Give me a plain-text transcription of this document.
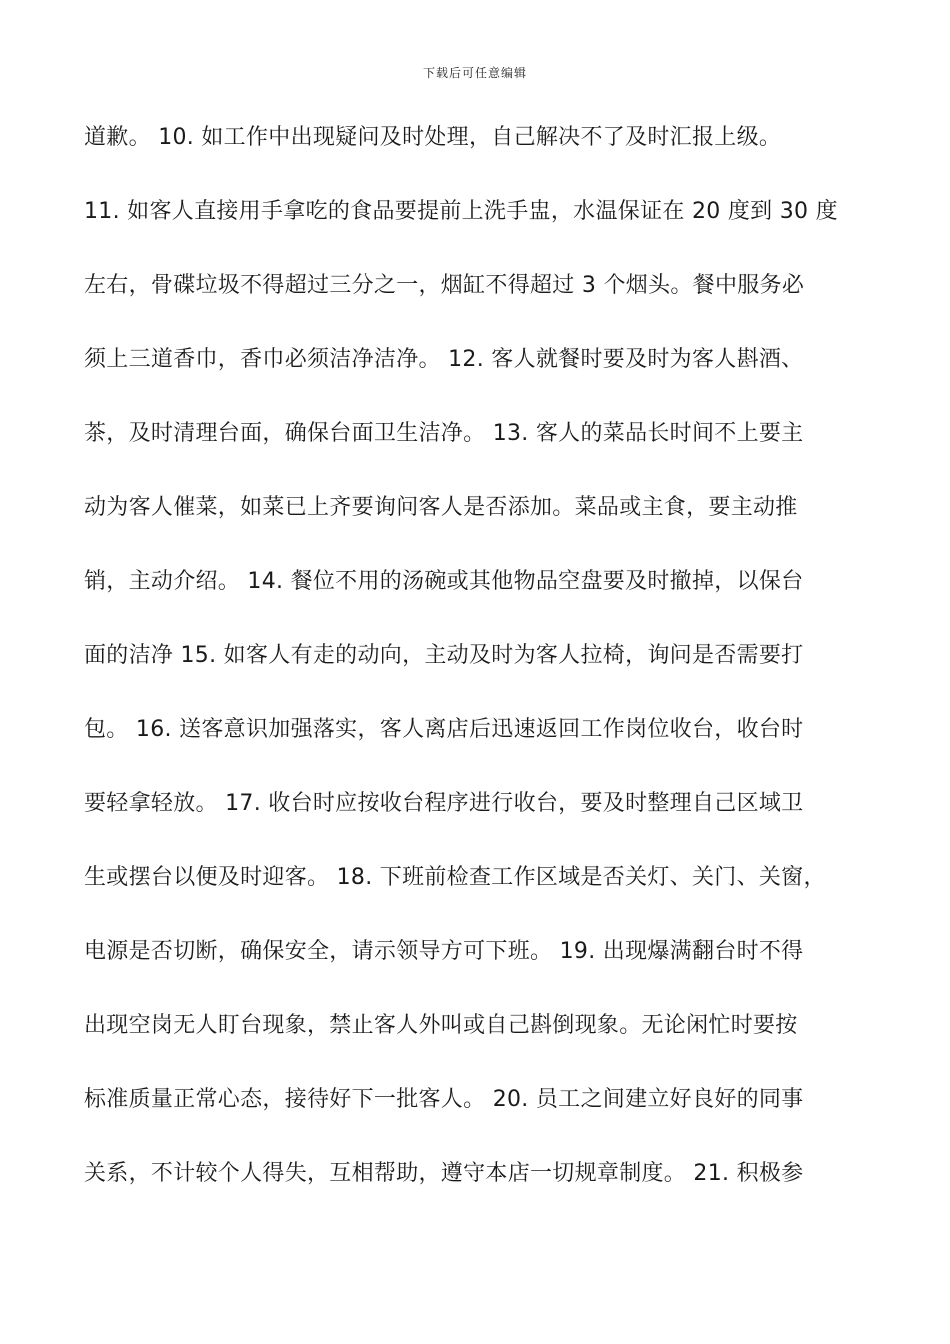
下载后可任意编辑
道歉。 10. 如工作中出现疑问及时处理，自己解决不了及时汇报上级。
11. 如客人直接用手拿吃的食品要提前上洗手盅，水温保证在 20 度到 30 度
左右，骨碟垃圾不得超过三分之一，烟缸不得超过 3 个烟头。餐中服务必
须上三道香巾，香巾必须洁净洁净。 12. 客人就餐时要及时为客人斟酒、
茶，及时清理台面，确保台面卫生洁净。 13. 客人的菜品长时间不上要主
动为客人催菜，如菜已上齐要询问客人是否添加。菜品或主食，要主动推
销，主动介绍。 14. 餐位不用的汤碗或其他物品空盘要及时撤掉，以保台
面的洁净 15. 如客人有走的动向，主动及时为客人拉椅，询问是否需要打
包。 16. 送客意识加强落实，客人离店后迅速返回工作岗位收台，收台时
要轻拿轻放。 17. 收台时应按收台程序进行收台，要及时整理自己区域卫
生或摆台以便及时迎客。 18. 下班前检查工作区域是否关灯、关门、关窗，
电源是否切断，确保安全，请示领导方可下班。 19. 出现爆满翻台时不得
出现空岗无人盯台现象，禁止客人外叫或自己斟倒现象。无论闲忙时要按
标准质量正常心态，接待好下一批客人。 20. 员工之间建立好良好的同事
关系，不计较个人得失，互相帮助，遵守本店一切规章制度。 21. 积极参
